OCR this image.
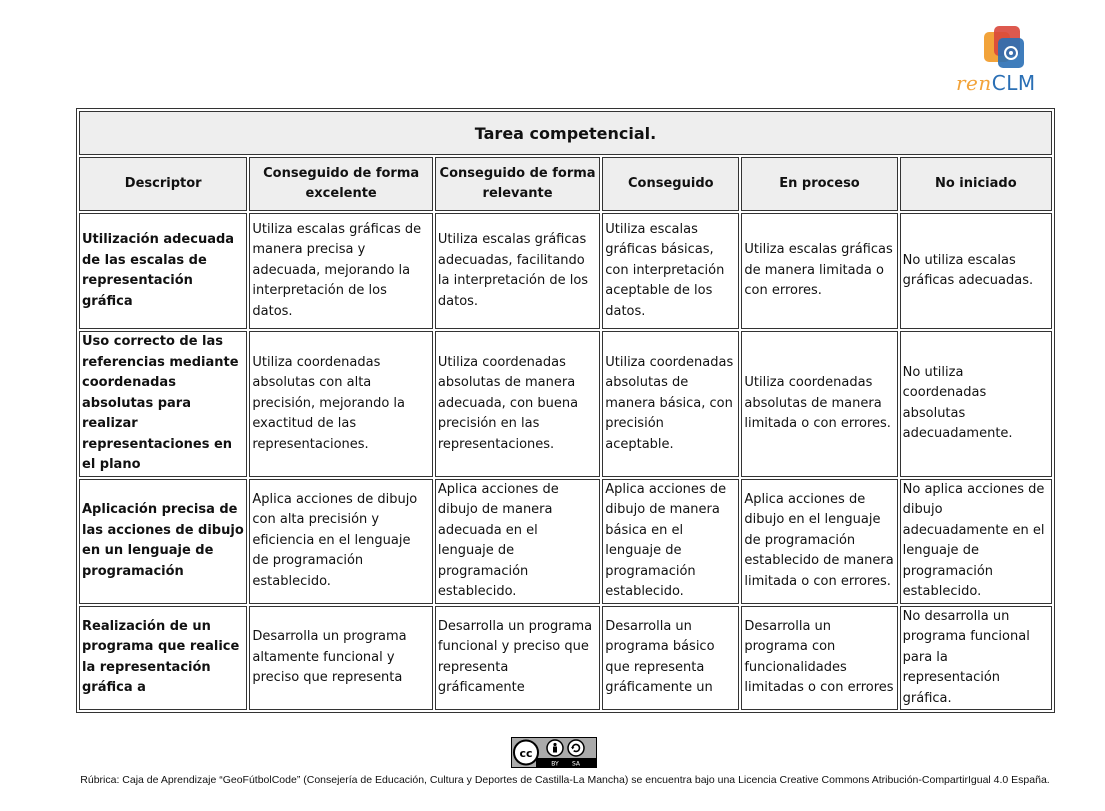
renCLM
Tarea competencial.					
Descriptor	Conseguido de forma excelente	Conseguido de forma relevante	Conseguido	En proceso	No iniciado
Utilización adecuada de las escalas de representación gráfica	Utiliza escalas gráficas de manera precisa y adecuada, mejorando la interpretación de los datos.	Utiliza escalas gráficas adecuadas, facilitando la interpretación de los datos.	Utiliza escalas gráficas básicas, con interpretación aceptable de los datos.	Utiliza escalas gráficas de manera limitada o con errores.	No utiliza escalas gráficas adecuadas.
Uso correcto de las referencias mediante coordenadas absolutas para realizar representaciones en el plano	Utiliza coordenadas absolutas con alta precisión, mejorando la exactitud de las representaciones.	Utiliza coordenadas absolutas de manera adecuada, con buena precisión en las representaciones.	Utiliza coordenadas absolutas de manera básica, con precisión aceptable.	Utiliza coordenadas absolutas de manera limitada o con errores.	No utiliza coordenadas absolutas adecuadamente.
Aplicación precisa de las acciones de dibujo en un lenguaje de programación	Aplica acciones de dibujo con alta precisión y eficiencia en el lenguaje de programación establecido.	Aplica acciones de dibujo de manera adecuada en el lenguaje de programación establecido.	Aplica acciones de dibujo de manera básica en el lenguaje de programación establecido.	Aplica acciones de dibujo en el lenguaje de programación establecido de manera limitada o con errores.	No aplica acciones de dibujo adecuadamente en el lenguaje de programación establecido.
Realización de un programa que realice la representación gráfica a	Desarrolla un programa altamente funcional y preciso que representa	Desarrolla un programa funcional y preciso que representa gráficamente	Desarrolla un programa básico que representa gráficamente un	Desarrolla un programa con funcionalidades limitadas o con errores	No desarrolla un programa funcional para la representación gráfica.
cc
BY SA
Rúbrica: Caja de Aprendizaje “GeoFútbolCode” (Consejería de Educación, Cultura y Deportes de Castilla-La Mancha) se encuentra bajo una Licencia Creative Commons Atribución-CompartirIgual 4.0 España.
